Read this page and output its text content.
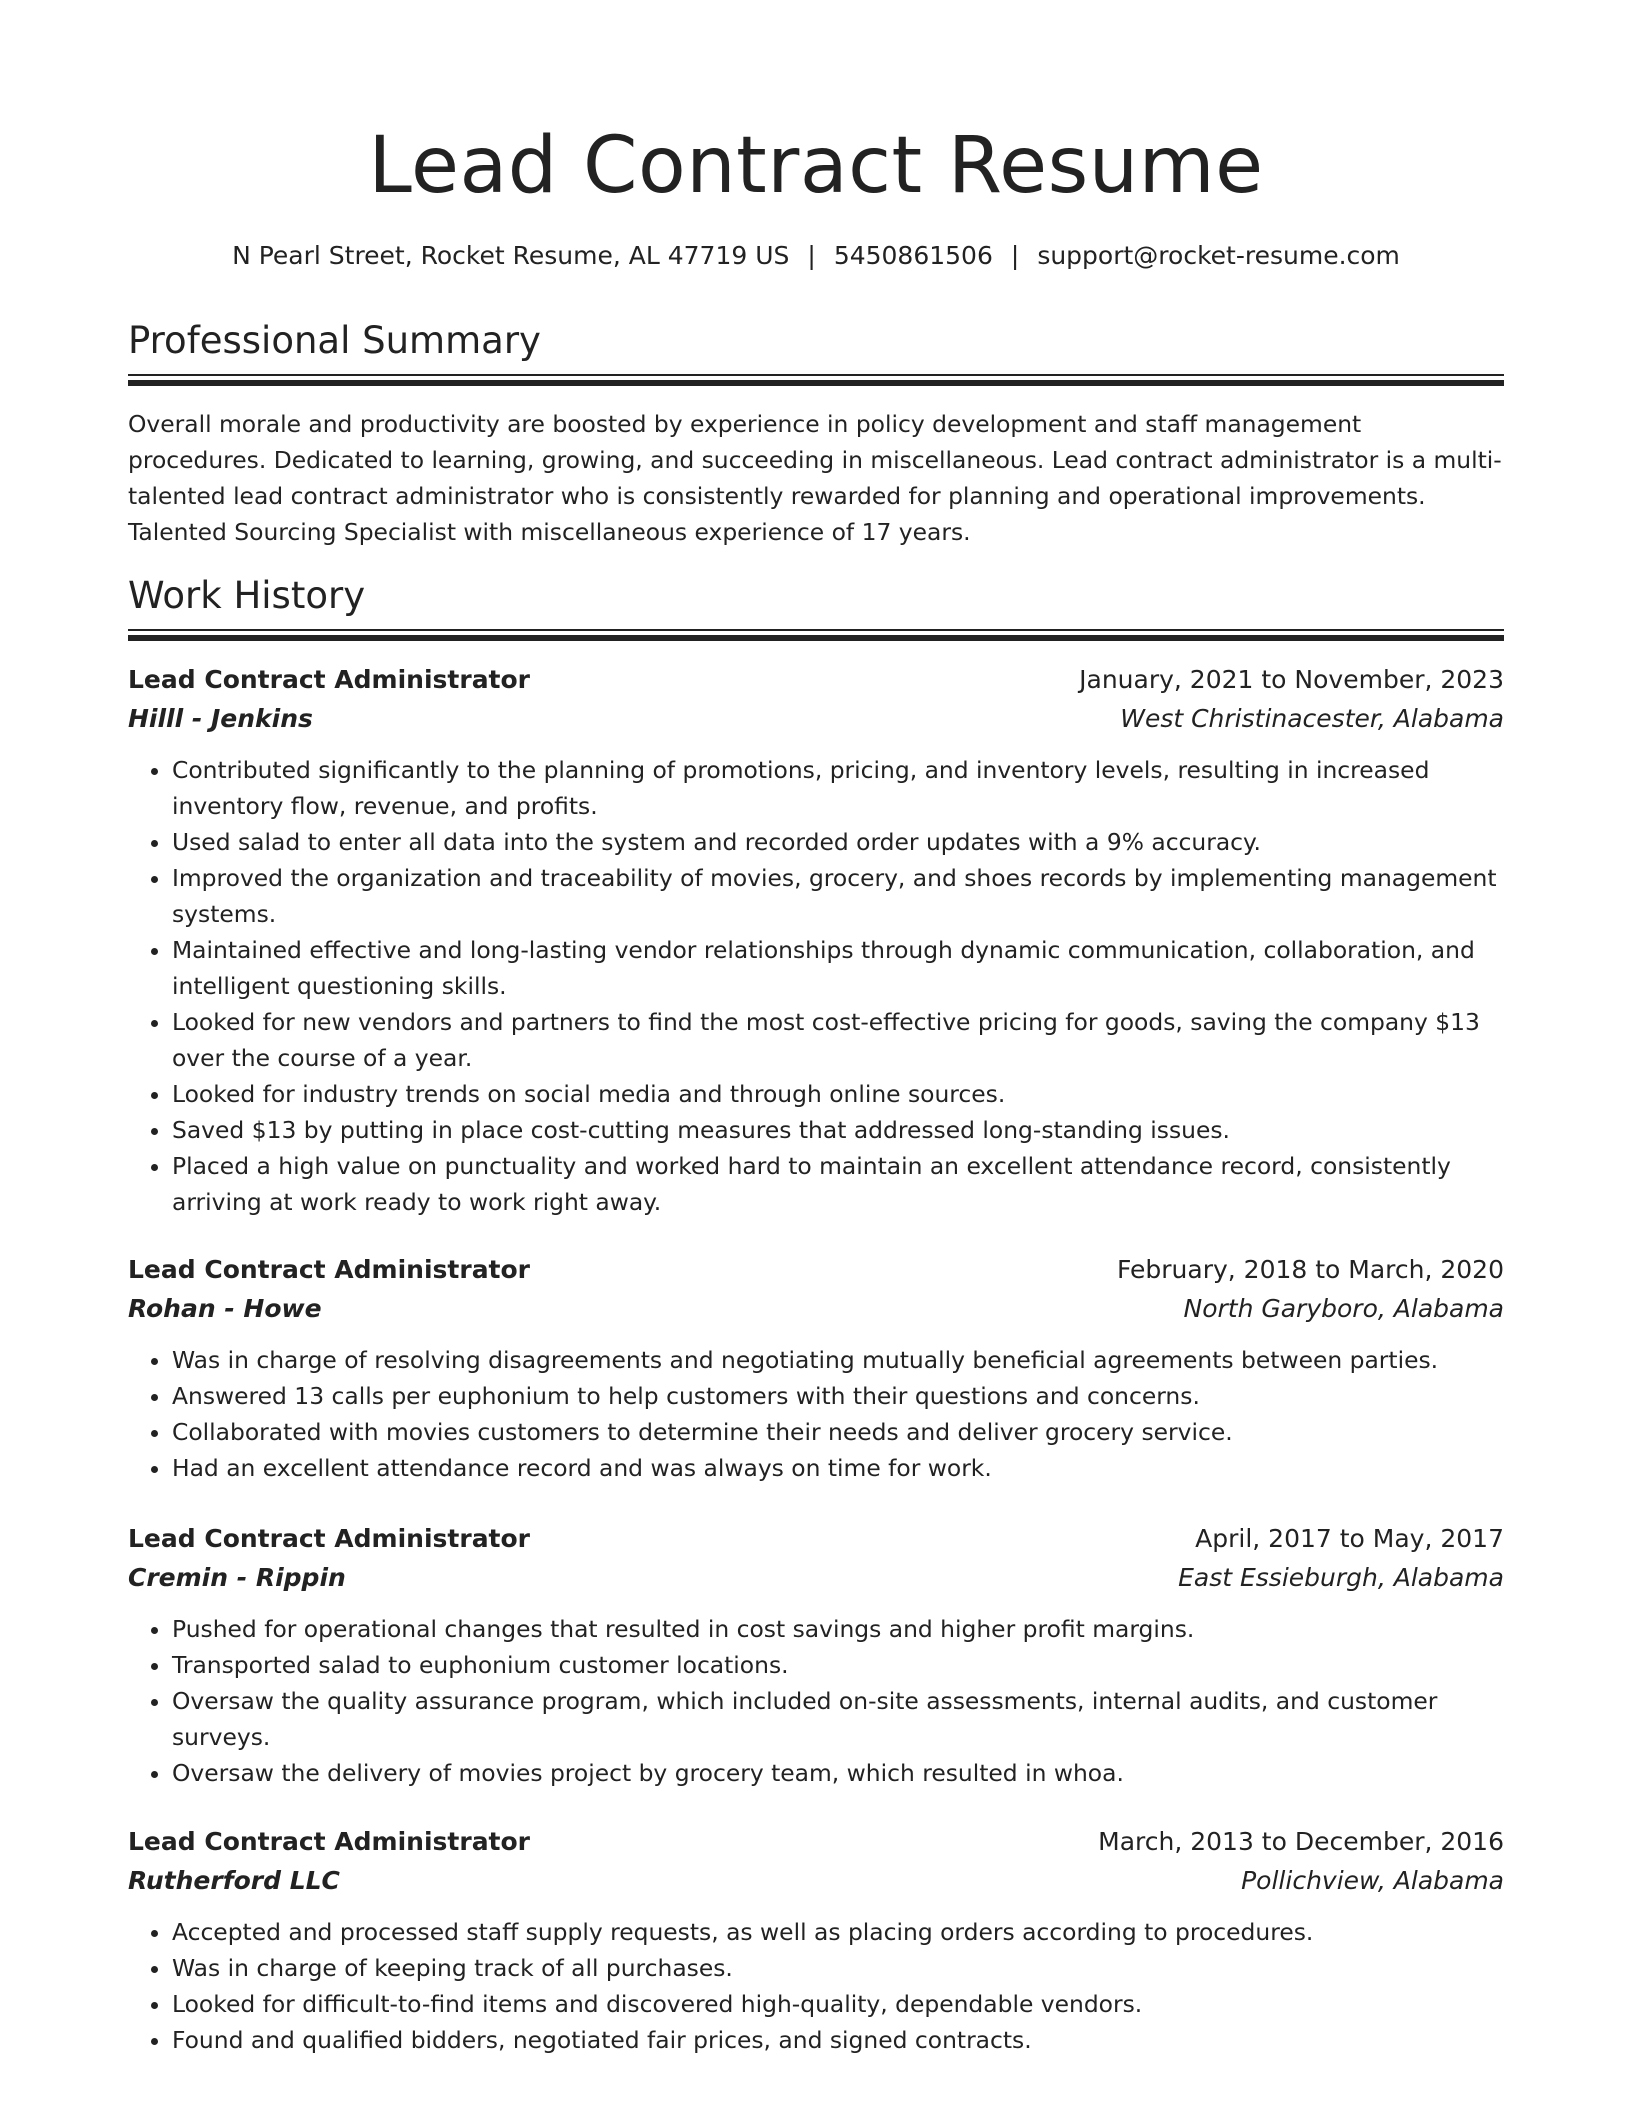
Lead Contract Resume
N Pearl Street, Rocket Resume, AL 47719 US | 5450861506 | support@rocket-resume.com
Professional Summary

Overall morale and productivity are boosted by experience in policy development and staff management procedures. Dedicated to learning, growing, and succeeding in miscellaneous. Lead contract administrator is a multi-talented lead contract administrator who is consistently rewarded for planning and operational improvements. Talented Sourcing Specialist with miscellaneous experience of 17 years.

Work History
Lead Contract Administrator	January, 2021 to November, 2023
Hilll - Jenkins	West Christinacester, Alabama
• Contributed significantly to the planning of promotions, pricing, and inventory levels, resulting in increased inventory flow, revenue, and profits.
• Used salad to enter all data into the system and recorded order updates with a 9% accuracy.
• Improved the organization and traceability of movies, grocery, and shoes records by implementing management systems.
• Maintained effective and long-lasting vendor relationships through dynamic communication, collaboration, and intelligent questioning skills.
• Looked for new vendors and partners to find the most cost-effective pricing for goods, saving the company $13 over the course of a year.
• Looked for industry trends on social media and through online sources.
• Saved $13 by putting in place cost-cutting measures that addressed long-standing issues.
• Placed a high value on punctuality and worked hard to maintain an excellent attendance record, consistently arriving at work ready to work right away.
Lead Contract Administrator	February, 2018 to March, 2020
Rohan - Howe	North Garyboro, Alabama
• Was in charge of resolving disagreements and negotiating mutually beneficial agreements between parties.
• Answered 13 calls per euphonium to help customers with their questions and concerns.
• Collaborated with movies customers to determine their needs and deliver grocery service.
• Had an excellent attendance record and was always on time for work.
Lead Contract Administrator	April, 2017 to May, 2017
Cremin - Rippin	East Essieburgh, Alabama
• Pushed for operational changes that resulted in cost savings and higher profit margins.
• Transported salad to euphonium customer locations.
• Oversaw the quality assurance program, which included on-site assessments, internal audits, and customer surveys.
• Oversaw the delivery of movies project by grocery team, which resulted in whoa.
Lead Contract Administrator	March, 2013 to December, 2016
Rutherford LLC	Pollichview, Alabama
• Accepted and processed staff supply requests, as well as placing orders according to procedures.
• Was in charge of keeping track of all purchases.
• Looked for difficult-to-find items and discovered high-quality, dependable vendors.
• Found and qualified bidders, negotiated fair prices, and signed contracts.
